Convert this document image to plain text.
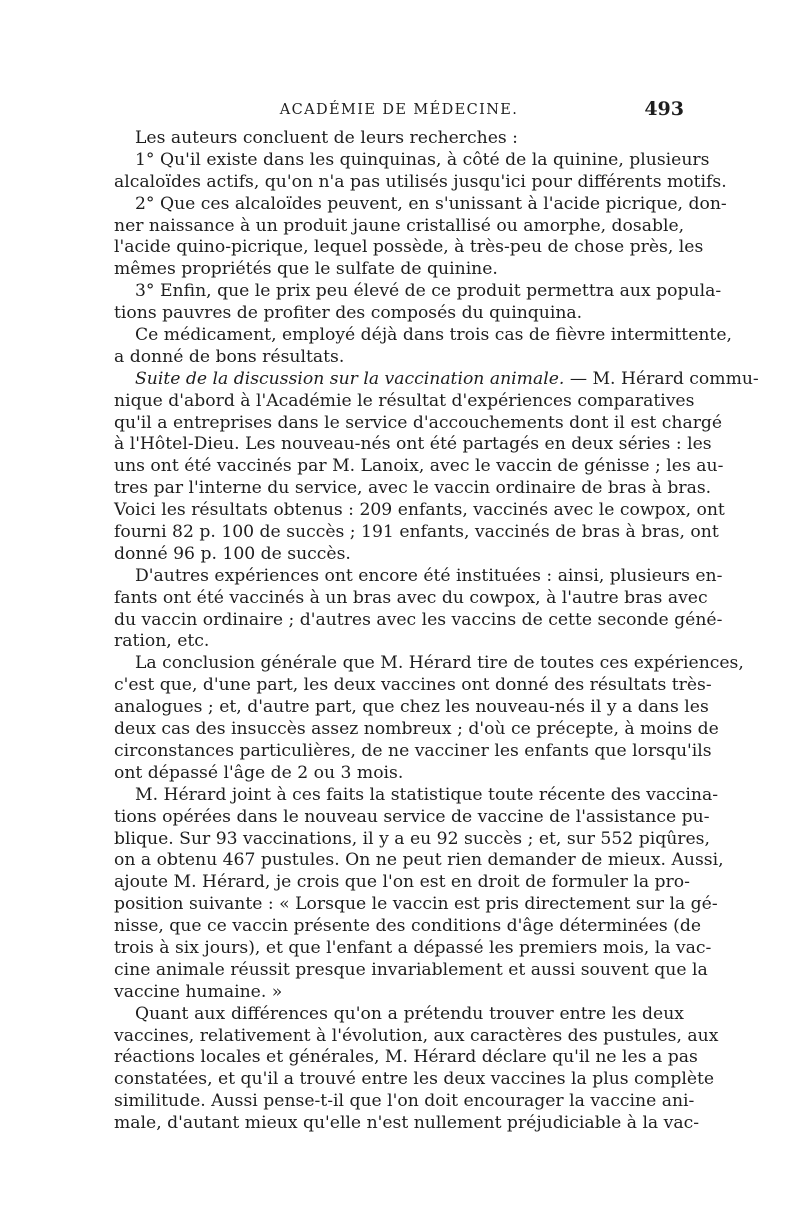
ACADÉMIE DE MÉDECINE.	493
Les auteurs concluent de leurs recherches :
1° Qu'il existe dans les quinquinas, à côté de la quinine, plusieurs
alcaloïdes actifs, qu'on n'a pas utilisés jusqu'ici pour différents motifs.
2° Que ces alcaloïdes peuvent, en s'unissant à l'acide picrique, don-
ner naissance à un produit jaune cristallisé ou amorphe, dosable,
l'acide quino-picrique, lequel possède, à très-peu de chose près, les
mêmes propriétés que le sulfate de quinine.
3° Enfin, que le prix peu élevé de ce produit permettra aux popula-
tions pauvres de profiter des composés du quinquina.
Ce médicament, employé déjà dans trois cas de fièvre intermittente,
a donné de bons résultats.
Suite de la discussion sur la vaccination animale. — M. Hérard commu-
nique d'abord à l'Académie le résultat d'expériences comparatives
qu'il a entreprises dans le service d'accouchements dont il est chargé
à l'Hôtel-Dieu. Les nouveau-nés ont été partagés en deux séries : les
uns ont été vaccinés par M. Lanoix, avec le vaccin de génisse ; les au-
tres par l'interne du service, avec le vaccin ordinaire de bras à bras.
Voici les résultats obtenus : 209 enfants, vaccinés avec le cowpox, ont
fourni 82 p. 100 de succès ; 191 enfants, vaccinés de bras à bras, ont
donné 96 p. 100 de succès.
D'autres expériences ont encore été instituées : ainsi, plusieurs en-
fants ont été vaccinés à un bras avec du cowpox, à l'autre bras avec
du vaccin ordinaire ; d'autres avec les vaccins de cette seconde géné-
ration, etc.
La conclusion générale que M. Hérard tire de toutes ces expériences,
c'est que, d'une part, les deux vaccines ont donné des résultats très-
analogues ; et, d'autre part, que chez les nouveau-nés il y a dans les
deux cas des insuccès assez nombreux ; d'où ce précepte, à moins de
circonstances particulières, de ne vacciner les enfants que lorsqu'ils
ont dépassé l'âge de 2 ou 3 mois.
M. Hérard joint à ces faits la statistique toute récente des vaccina-
tions opérées dans le nouveau service de vaccine de l'assistance pu-
blique. Sur 93 vaccinations, il y a eu 92 succès ; et, sur 552 piqûres,
on a obtenu 467 pustules. On ne peut rien demander de mieux. Aussi,
ajoute M. Hérard, je crois que l'on est en droit de formuler la pro-
position suivante : « Lorsque le vaccin est pris directement sur la gé-
nisse, que ce vaccin présente des conditions d'âge déterminées (de
trois à six jours), et que l'enfant a dépassé les premiers mois, la vac-
cine animale réussit presque invariablement et aussi souvent que la
vaccine humaine. »
Quant aux différences qu'on a prétendu trouver entre les deux
vaccines, relativement à l'évolution, aux caractères des pustules, aux
réactions locales et générales, M. Hérard déclare qu'il ne les a pas
constatées, et qu'il a trouvé entre les deux vaccines la plus complète
similitude. Aussi pense-t-il que l'on doit encourager la vaccine ani-
male, d'autant mieux qu'elle n'est nullement préjudiciable à la vac-
